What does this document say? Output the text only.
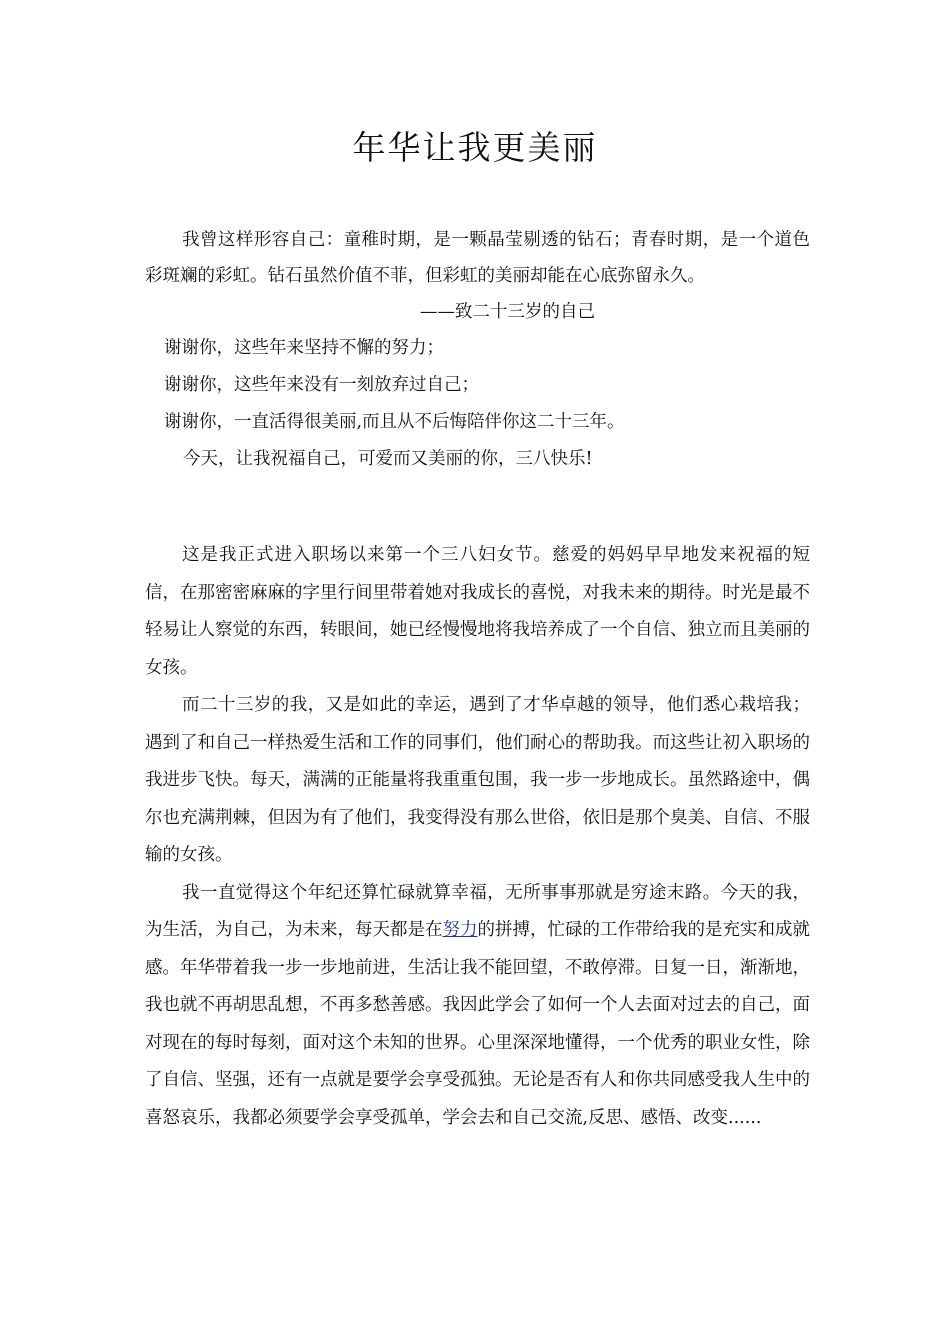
年华让我更美丽

我曾这样形容自己：童稚时期，是一颗晶莹剔透的钻石；青春时期，是一个道色彩斑斓的彩虹。钻石虽然价值不菲，但彩虹的美丽却能在心底弥留永久。

——致二十三岁的自己

谢谢你，这些年来坚持不懈的努力；

谢谢你，这些年来没有一刻放弃过自己；

谢谢你，一直活得很美丽,而且从不后悔陪伴你这二十三年。

今天，让我祝福自己，可爱而又美丽的你，三八快乐!

这是我正式进入职场以来第一个三八妇女节。慈爱的妈妈早早地发来祝福的短信，在那密密麻麻的字里行间里带着她对我成长的喜悦，对我未来的期待。时光是最不轻易让人察觉的东西，转眼间，她已经慢慢地将我培养成了一个自信、独立而且美丽的女孩。

而二十三岁的我，又是如此的幸运，遇到了才华卓越的领导，他们悉心栽培我；遇到了和自己一样热爱生活和工作的同事们，他们耐心的帮助我。而这些让初入职场的我进步飞快。每天，满满的正能量将我重重包围，我一步一步地成长。虽然路途中，偶尔也充满荆棘，但因为有了他们，我变得没有那么世俗，依旧是那个臭美、自信、不服输的女孩。

我一直觉得这个年纪还算忙碌就算幸福，无所事事那就是穷途末路。今天的我，为生活，为自己，为未来，每天都是在努力的拼搏，忙碌的工作带给我的是充实和成就感。年华带着我一步一步地前进，生活让我不能回望，不敢停滞。日复一日，渐渐地，我也就不再胡思乱想，不再多愁善感。我因此学会了如何一个人去面对过去的自己，面对现在的每时每刻，面对这个未知的世界。心里深深地懂得，一个优秀的职业女性，除了自信、坚强，还有一点就是要学会享受孤独。无论是否有人和你共同感受我人生中的喜怒哀乐，我都必须要学会享受孤单，学会去和自己交流,反思、感悟、改变......
